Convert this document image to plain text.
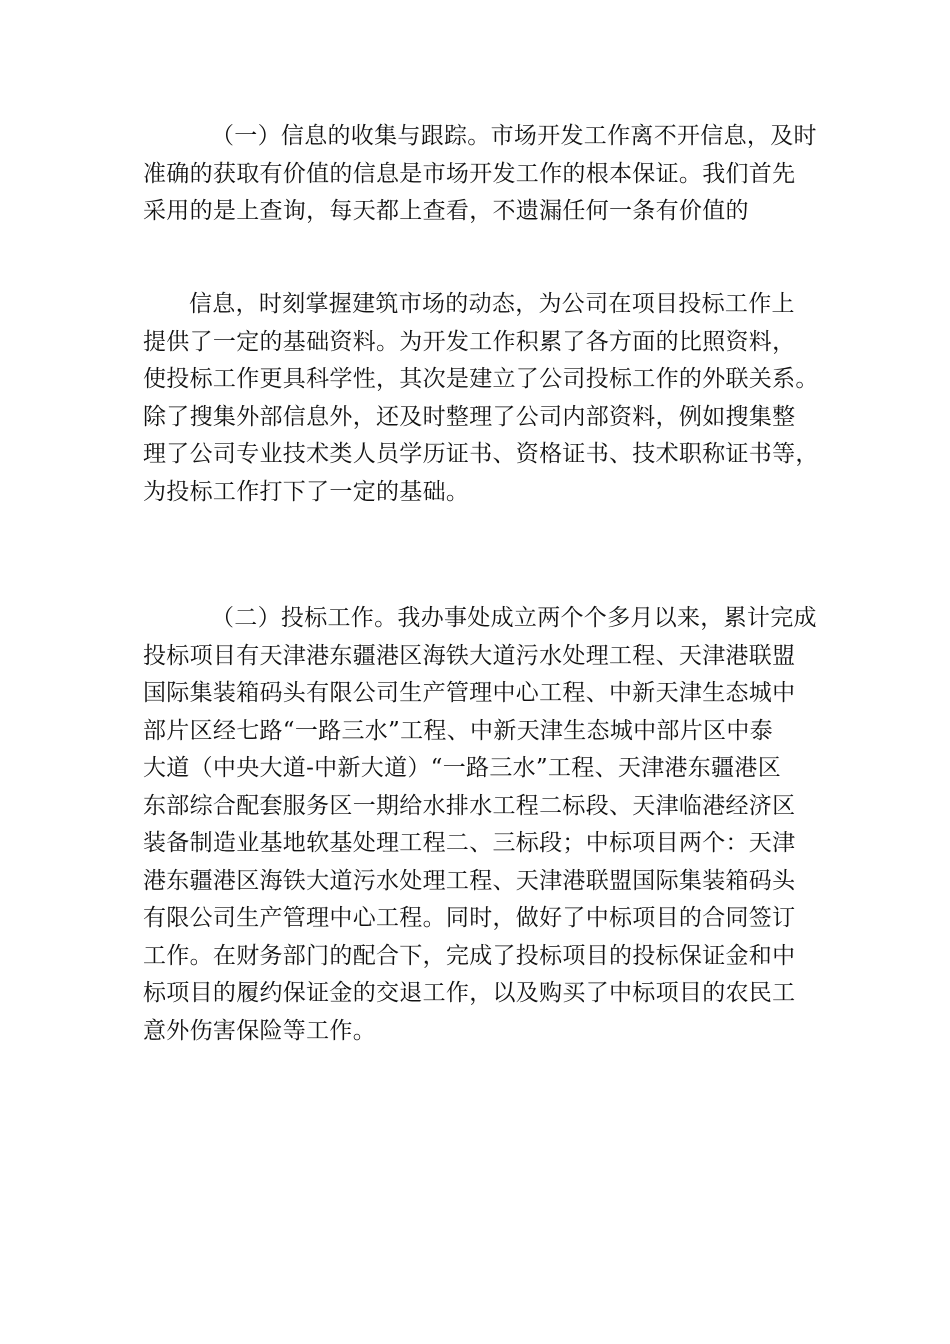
（一）信息的收集与跟踪。市场开发工作离不开信息，及时
准确的获取有价值的信息是市场开发工作的根本保证。我们首先
采用的是上查询，每天都上查看，不遗漏任何一条有价值的
信息，时刻掌握建筑市场的动态，为公司在项目投标工作上
提供了一定的基础资料。为开发工作积累了各方面的比照资料，
使投标工作更具科学性，其次是建立了公司投标工作的外联关系。
除了搜集外部信息外，还及时整理了公司内部资料，例如搜集整
理了公司专业技术类人员学历证书、资格证书、技术职称证书等，
为投标工作打下了一定的基础。
（二）投标工作。我办事处成立两个个多月以来，累计完成
投标项目有天津港东疆港区海铁大道污水处理工程、天津港联盟
国际集装箱码头有限公司生产管理中心工程、中新天津生态城中
部片区经七路“一路三水”工程、中新天津生态城中部片区中泰
大道（中央大道-中新大道）“一路三水”工程、天津港东疆港区
东部综合配套服务区一期给水排水工程二标段、天津临港经济区
装备制造业基地软基处理工程二、三标段；中标项目两个：天津
港东疆港区海铁大道污水处理工程、天津港联盟国际集装箱码头
有限公司生产管理中心工程。同时，做好了中标项目的合同签订
工作。在财务部门的配合下，完成了投标项目的投标保证金和中
标项目的履约保证金的交退工作，以及购买了中标项目的农民工
意外伤害保险等工作。
